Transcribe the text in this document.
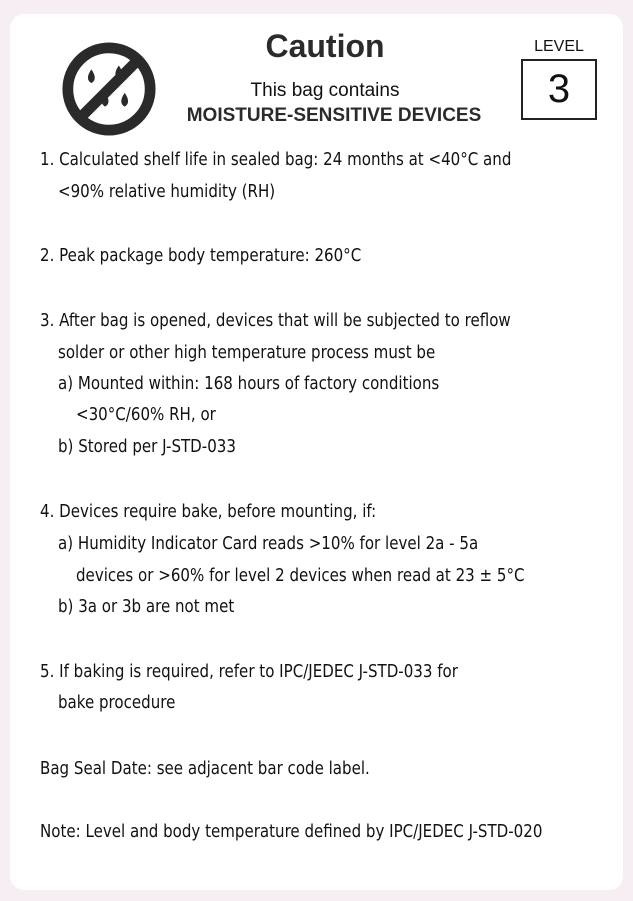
Caution
This bag contains
MOISTURE-SENSITIVE DEVICES
LEVEL
3
1. Calculated shelf life in sealed bag: 24 months at <40°C and
<90% relative humidity (RH)
2. Peak package body temperature: 260°C
3. After bag is opened, devices that will be subjected to reflow
solder or other high temperature process must be
a) Mounted within: 168 hours of factory conditions
<30°C/60% RH, or
b) Stored per J-STD-033
4. Devices require bake, before mounting, if:
a) Humidity Indicator Card reads >10% for level 2a - 5a
devices or >60% for level 2 devices when read at 23 ± 5°C
b) 3a or 3b are not met
5. If baking is required, refer to IPC/JEDEC J-STD-033 for
bake procedure
Bag Seal Date: see adjacent bar code label.
Note: Level and body temperature defined by IPC/JEDEC J-STD-020
